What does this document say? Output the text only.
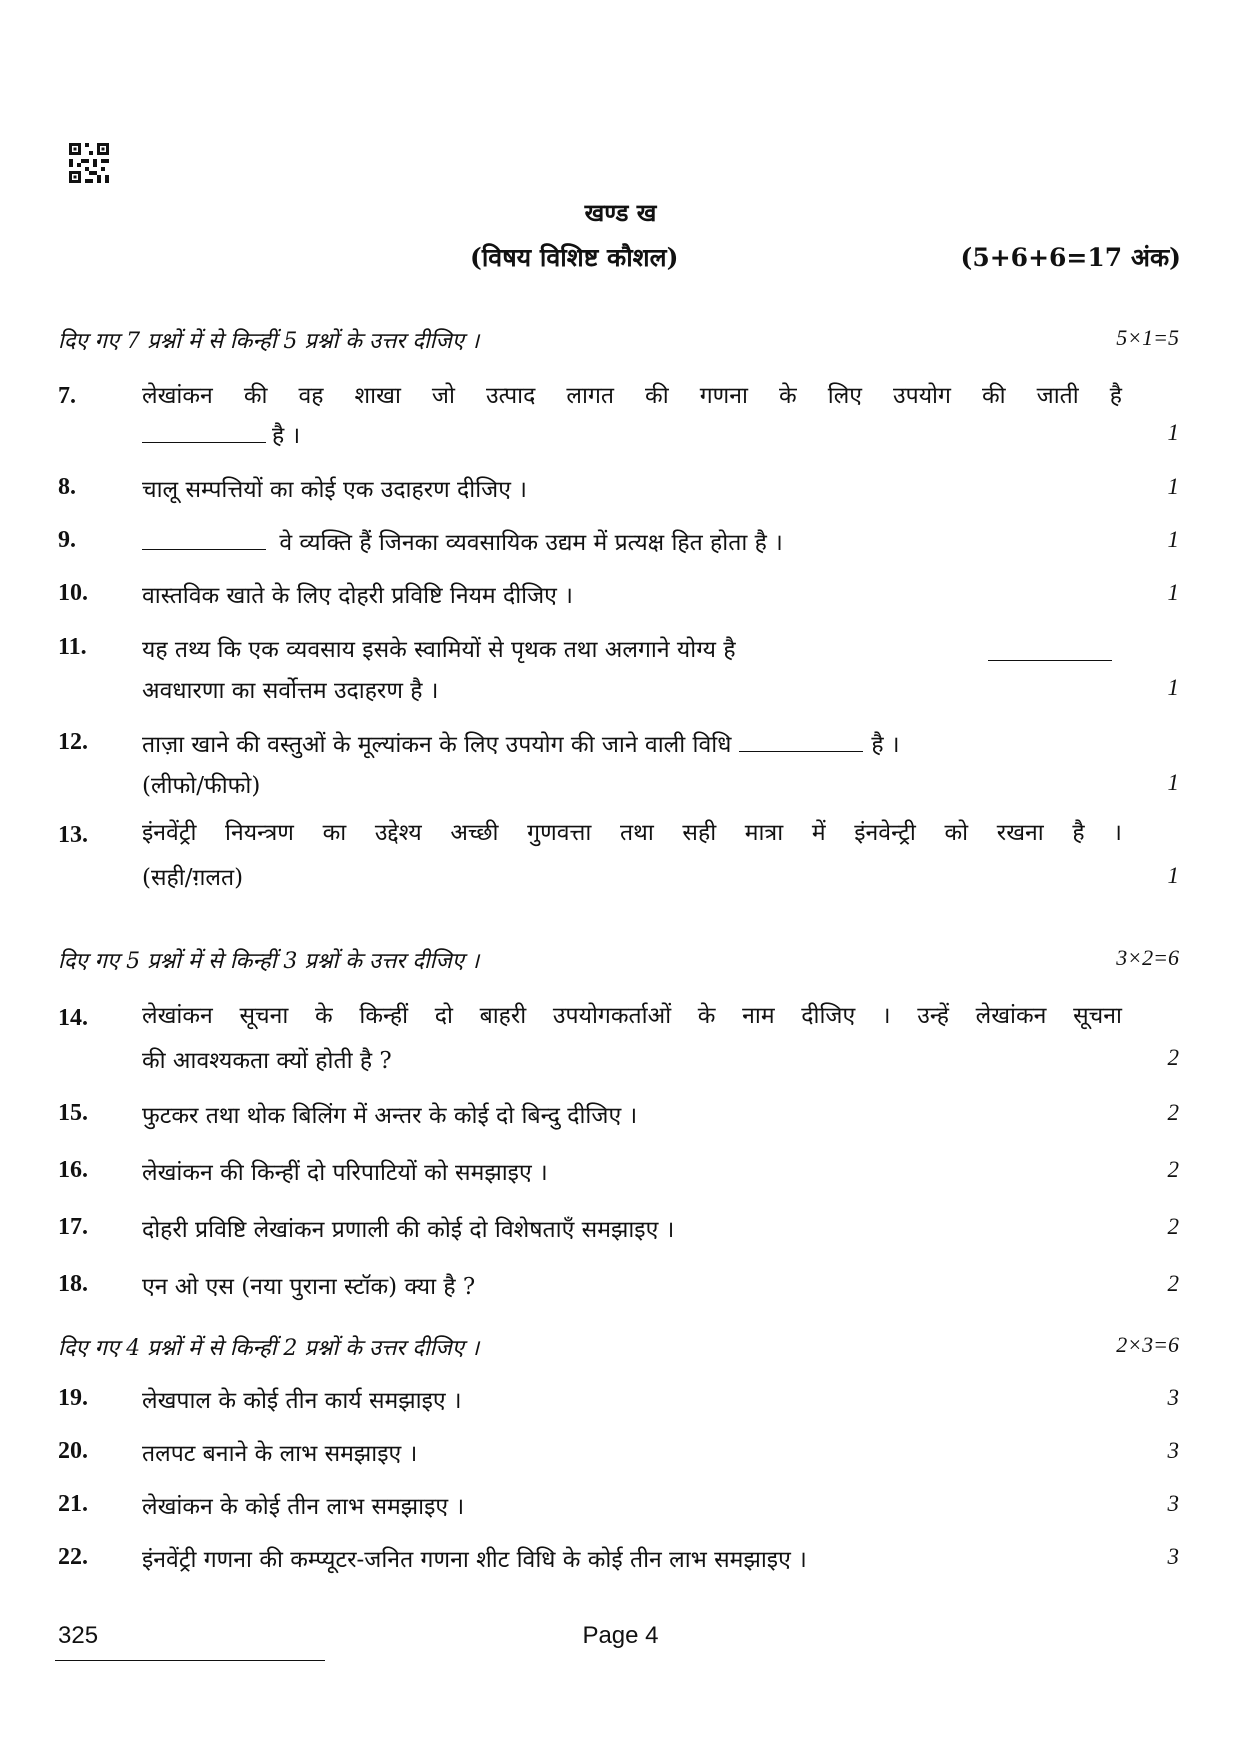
खण्ड ख
(विषय विशिष्ट कौशल)	(5+6+6=17 अंक)
दिए गए 7 प्रश्नों में से किन्हीं 5 प्रश्नों के उत्तर दीजिए ।	5×1=5
7.	लेखांकन की वह शाखा जो उत्पाद लागत की गणना के लिए उपयोग की जाती है
है ।	1
8.	चालू सम्पत्तियों का कोई एक उदाहरण दीजिए ।	1
9.	वे व्यक्ति हैं जिनका व्यवसायिक उद्यम में प्रत्यक्ष हित होता है ।	1
10. वास्तविक खाते के लिए दोहरी प्रविष्टि नियम दीजिए ।	1
11. यह तथ्य कि एक व्यवसाय इसके स्वामियों से पृथक तथा अलगाने योग्य है
अवधारणा का सर्वोत्तम उदाहरण है ।	1
12. ताज़ा खाने की वस्तुओं के मूल्यांकन के लिए उपयोग की जाने वाली विधि	है ।
(लीफो/फीफो)	1
13. इंनवेंट्री नियन्त्रण का उद्देश्य अच्छी गुणवत्ता तथा सही मात्रा में इंनवेन्ट्री को रखना है ।
(सही/ग़लत)	1
दिए गए 5 प्रश्नों में से किन्हीं 3 प्रश्नों के उत्तर दीजिए ।	3×2=6
14. लेखांकन सूचना के किन्हीं दो बाहरी उपयोगकर्ताओं के नाम दीजिए । उन्हें लेखांकन सूचना
की आवश्यकता क्यों होती है ?	2
15. फुटकर तथा थोक बिलिंग में अन्तर के कोई दो बिन्दु दीजिए ।	2
16. लेखांकन की किन्हीं दो परिपाटियों को समझाइए ।	2
17. दोहरी प्रविष्टि लेखांकन प्रणाली की कोई दो विशेषताएँ समझाइए ।	2
18. एन ओ एस (नया पुराना स्टॉक) क्या है ?	2
दिए गए 4 प्रश्नों में से किन्हीं 2 प्रश्नों के उत्तर दीजिए ।	2×3=6
19. लेखपाल के कोई तीन कार्य समझाइए ।	3
20. तलपट बनाने के लाभ समझाइए ।	3
21. लेखांकन के कोई तीन लाभ समझाइए ।	3
22. इंनवेंट्री गणना की कम्प्यूटर-जनित गणना शीट विधि के कोई तीन लाभ समझाइए ।	3
325	Page 4
